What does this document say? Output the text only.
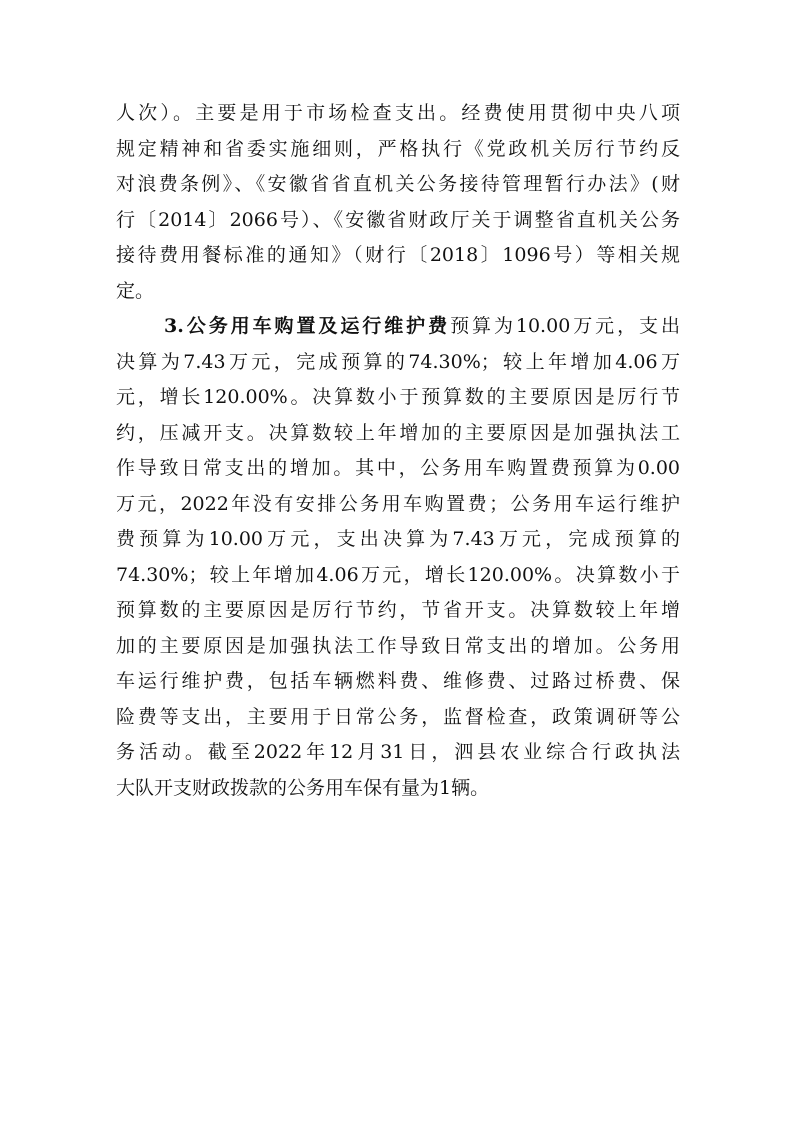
人次）。主要是用于市场检查支出。经费使用贯彻中央八项
规定精神和省委实施细则，严格执行《党政机关厉行节约反
对浪费条例》、《安徽省省直机关公务接待管理暂行办法》(财
行〔2014〕2066号）、《安徽省财政厅关于调整省直机关公务
接待费用餐标准的通知》（财行〔2018〕1096号）等相关规
定。
3.公务用车购置及运行维护费预算为10.00万元，支出
决算为7.43万元，完成预算的74.30%；较上年增加4.06万
元，增长120.00%。决算数小于预算数的主要原因是厉行节
约，压减开支。决算数较上年增加的主要原因是加强执法工
作导致日常支出的增加。其中，公务用车购置费预算为0.00
万元，2022年没有安排公务用车购置费；公务用车运行维护
费预算为10.00万元，支出决算为7.43万元，完成预算的
74.30%；较上年增加4.06万元，增长120.00%。决算数小于
预算数的主要原因是厉行节约，节省开支。决算数较上年增
加的主要原因是加强执法工作导致日常支出的增加。公务用
车运行维护费，包括车辆燃料费、维修费、过路过桥费、保
险费等支出，主要用于日常公务，监督检查，政策调研等公
务活动。截至2022年12月31日，泗县农业综合行政执法
大队开支财政拨款的公务用车保有量为1辆。
